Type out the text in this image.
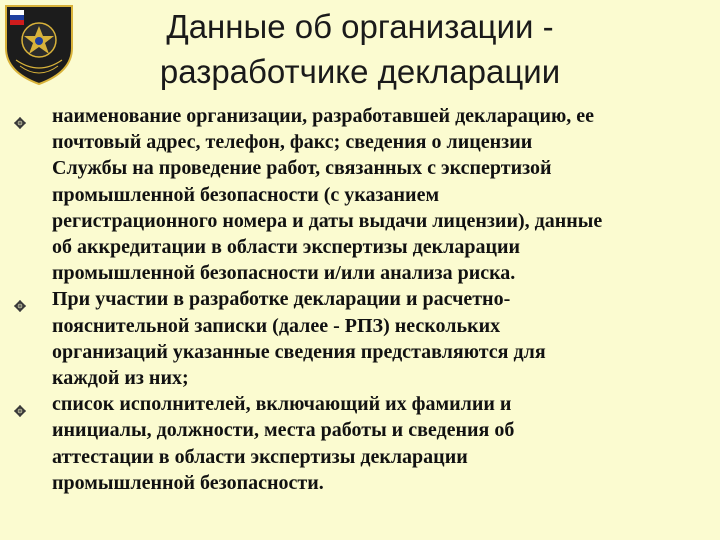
Данные об организации -
разработчике декларации
наименование организации, разработавшей декларацию, ее
почтовый адрес, телефон, факс; сведения о лицензии
Службы на проведение работ, связанных с экспертизой
промышленной безопасности (с указанием
регистрационного номера и даты выдачи лицензии), данные
об аккредитации в области экспертизы декларации
промышленной безопасности и/или анализа риска.
При участии в разработке декларации и расчетно-
пояснительной записки (далее - РПЗ) нескольких
организаций указанные сведения представляются для
каждой из них;
список исполнителей, включающий их фамилии и
инициалы, должности, места работы и сведения об
аттестации в области экспертизы декларации
промышленной безопасности.
